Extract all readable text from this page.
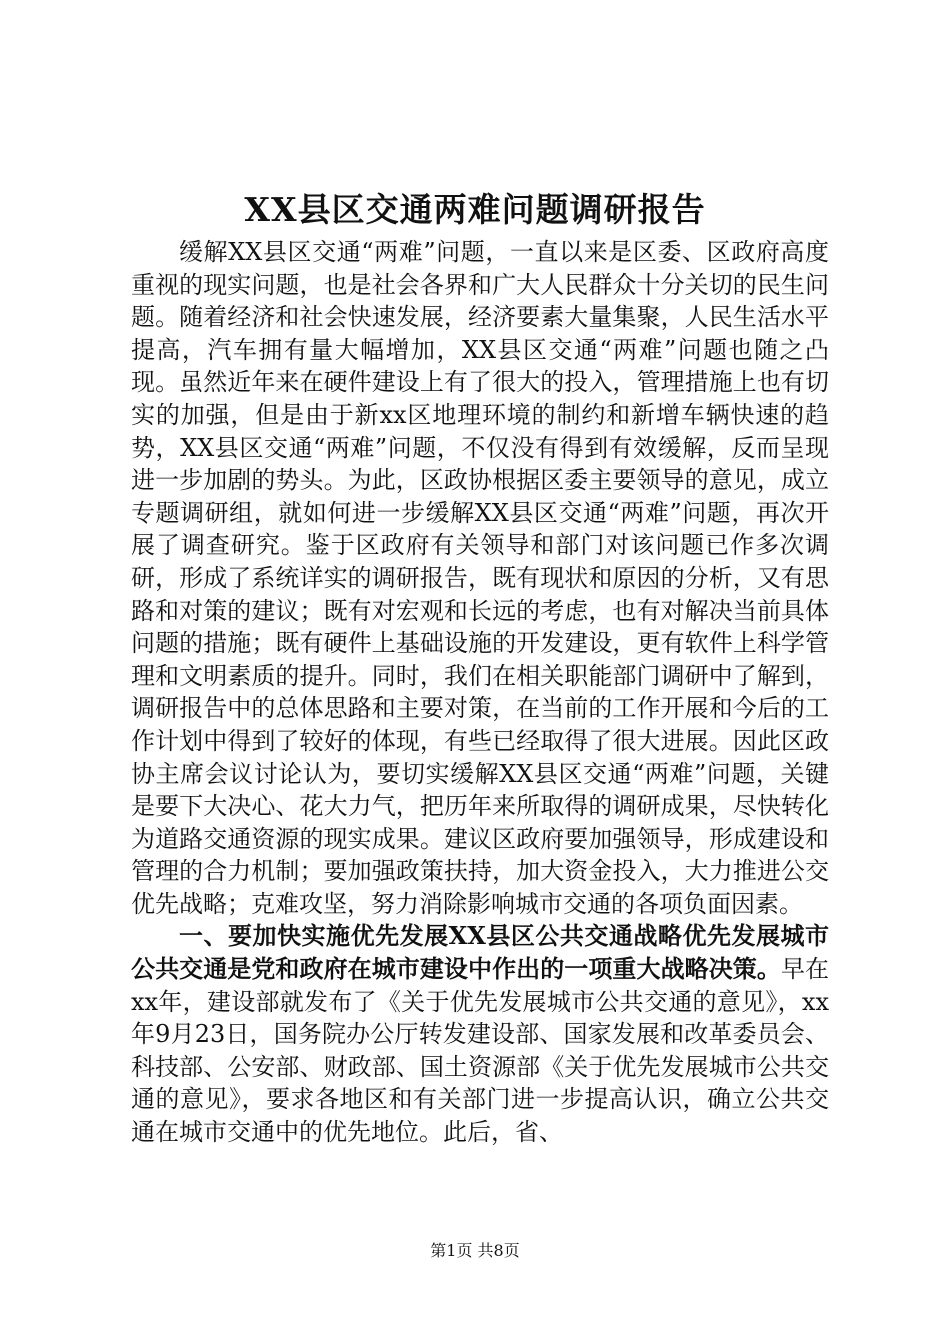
XX县区交通两难问题调研报告

缓解XX县区交通“两难”问题，一直以来是区委、区政府高度重视的现实问题，也是社会各界和广大人民群众十分关切的民生问题。随着经济和社会快速发展，经济要素大量集聚，人民生活水平提高，汽车拥有量大幅增加，XX县区交通“两难”问题也随之凸现。虽然近年来在硬件建设上有了很大的投入，管理措施上也有切实的加强，但是由于新xx区地理环境的制约和新增车辆快速的趋势，XX县区交通“两难”问题，不仅没有得到有效缓解，反而呈现进一步加剧的势头。为此，区政协根据区委主要领导的意见，成立专题调研组，就如何进一步缓解XX县区交通“两难”问题，再次开展了调查研究。鉴于区政府有关领导和部门对该问题已作多次调研，形成了系统详实的调研报告，既有现状和原因的分析，又有思路和对策的建议；既有对宏观和长远的考虑，也有对解决当前具体问题的措施；既有硬件上基础设施的开发建设，更有软件上科学管理和文明素质的提升。同时，我们在相关职能部门调研中了解到，调研报告中的总体思路和主要对策，在当前的工作开展和今后的工作计划中得到了较好的体现，有些已经取得了很大进展。因此区政协主席会议讨论认为，要切实缓解XX县区交通“两难”问题，关键是要下大决心、花大力气，把历年来所取得的调研成果，尽快转化为道路交通资源的现实成果。建议区政府要加强领导，形成建设和管理的合力机制；要加强政策扶持，加大资金投入，大力推进公交优先战略；克难攻坚，努力消除影响城市交通的各项负面因素。

一、要加快实施优先发展XX县区公共交通战略优先发展城市公共交通是党和政府在城市建设中作出的一项重大战略决策。早在xx年，建设部就发布了《关于优先发展城市公共交通的意见》，xx年9月23日，国务院办公厅转发建设部、国家发展和改革委员会、科技部、公安部、财政部、国土资源部《关于优先发展城市公共交通的意见》，要求各地区和有关部门进一步提高认识，确立公共交通在城市交通中的优先地位。此后，省、

第1页 共8页
